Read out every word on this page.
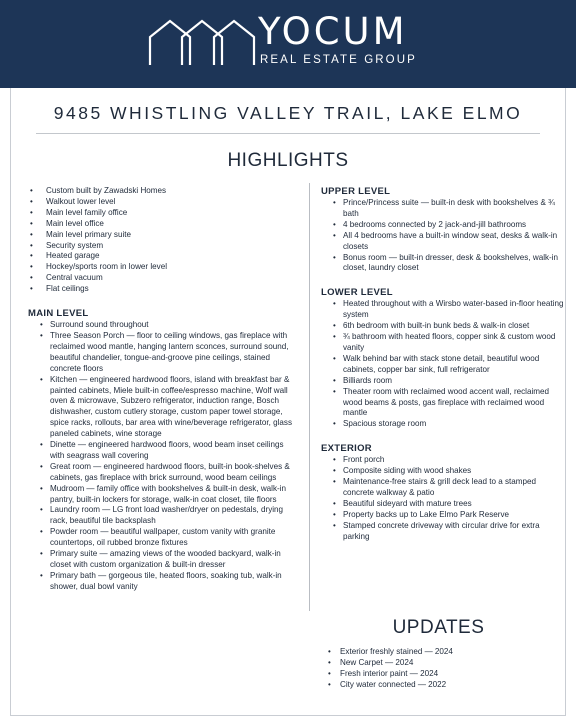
YOCUM
REAL ESTATE GROUP
9485 WHISTLING VALLEY TRAIL, LAKE ELMO
HIGHLIGHTS
• Custom built by Zawadski Homes
• Walkout lower level
• Main level family office
• Main level office
• Main level primary suite
• Security system
• Heated garage
• Hockey/sports room in lower level
• Central vacuum
• Flat ceilings
MAIN LEVEL
• Surround sound throughout
• Three Season Porch — floor to ceiling windows, gas fireplace with reclaimed wood mantle, hanging lantern sconces, surround sound, beautiful chandelier, tongue-and-groove pine ceilings, stained concrete floors
• Kitchen — engineered hardwood floors, island with breakfast bar & painted cabinets, Miele built-in coffee/espresso machine, Wolf wall oven & microwave, Subzero refrigerator, induction range, Bosch dishwasher, custom cutlery storage, custom paper towel storage, spice racks, rollouts, bar area with wine/beverage refrigerator, glass paneled cabinets, wine storage
• Dinette — engineered hardwood floors, wood beam inset ceilings with seagrass wall covering
• Great room — engineered hardwood floors, built-in book-shelves & cabinets, gas fireplace with brick surround, wood beam ceilings
• Mudroom — family office with bookshelves & built-in desk, walk-in pantry, built-in lockers for storage, walk-in coat closet, tile floors
• Laundry room — LG front load washer/dryer on pedestals, drying rack, beautiful tile backsplash
• Powder room — beautiful wallpaper, custom vanity with granite countertops, oil rubbed bronze fixtures
• Primary suite — amazing views of the wooded backyard, walk-in closet with custom organization & built-in dresser
• Primary bath — gorgeous tile, heated floors, soaking tub, walk-in shower, dual bowl vanity
UPPER LEVEL
• Prince/Princess suite — built-in desk with bookshelves & ¾ bath
• 4 bedrooms connected by 2 jack-and-jill bathrooms
• All 4 bedrooms have a built-in window seat, desks & walk-in closets
• Bonus room — built-in dresser, desk & bookshelves, walk-in closet, laundry closet
LOWER LEVEL
• Heated throughout with a Wirsbo water-based in-floor heating system
• 6th bedroom with built-in bunk beds & walk-in closet
• ¾ bathroom with heated floors, copper sink & custom wood vanity
• Walk behind bar with stack stone detail, beautiful wood cabinets, copper bar sink, full refrigerator
• Billiards room
• Theater room with reclaimed wood accent wall, reclaimed wood beams & posts, gas fireplace with reclaimed wood mantle
• Spacious storage room
EXTERIOR
• Front porch
• Composite siding with wood shakes
• Maintenance-free stairs & grill deck lead to a stamped concrete walkway & patio
• Beautiful sideyard with mature trees
• Property backs up to Lake Elmo Park Reserve
• Stamped concrete driveway with circular drive for extra parking
UPDATES
• Exterior freshly stained — 2024
• New Carpet — 2024
• Fresh interior paint — 2024
• City water connected — 2022
